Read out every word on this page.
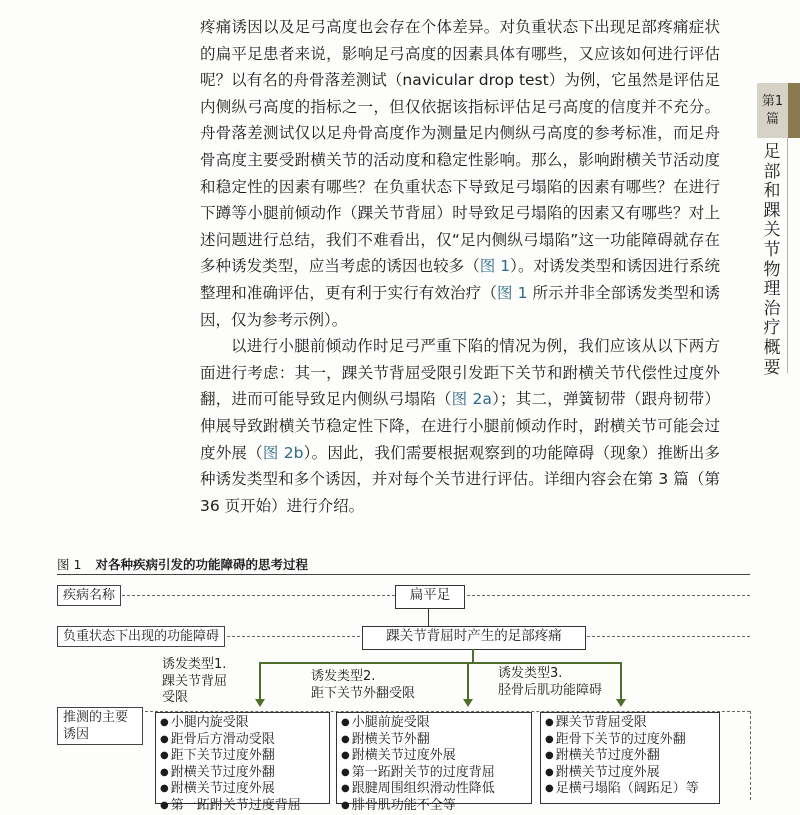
疼痛诱因以及足弓高度也会存在个体差异。对负重状态下出现足部疼痛症状的扁平足患者来说，影响足弓高度的因素具体有哪些，又应该如何进行评估呢？以有名的舟骨落差测试（navicular drop test）为例，它虽然是评估足内侧纵弓高度的指标之一，但仅依据该指标评估足弓高度的信度并不充分。舟骨落差测试仅以足舟骨高度作为测量足内侧纵弓高度的参考标准，而足舟骨高度主要受跗横关节的活动度和稳定性影响。那么，影响跗横关节活动度和稳定性的因素有哪些？在负重状态下导致足弓塌陷的因素有哪些？在进行下蹲等小腿前倾动作（踝关节背屈）时导致足弓塌陷的因素又有哪些？对上述问题进行总结，我们不难看出，仅“足内侧纵弓塌陷”这一功能障碍就存在多种诱发类型，应当考虑的诱因也较多（图 1）。对诱发类型和诱因进行系统整理和准确评估，更有利于实行有效治疗（图 1 所示并非全部诱发类型和诱因，仅为参考示例）。

以进行小腿前倾动作时足弓严重下陷的情况为例，我们应该从以下两方面进行考虑：其一，踝关节背屈受限引发距下关节和跗横关节代偿性过度外翻，进而可能导致足内侧纵弓塌陷（图 2a）；其二，弹簧韧带（跟舟韧带）伸展导致跗横关节稳定性下降，在进行小腿前倾动作时，跗横关节可能会过度外展（图 2b）。因此，我们需要根据观察到的功能障碍（现象）推断出多种诱发类型和多个诱因，并对每个关节进行评估。详细内容会在第 3 篇（第 36 页开始）进行介绍。

第1篇
足部和踝关节物理治疗概要
图 1 对各种疾病引发的功能障碍的思考过程
疾病名称
负重状态下出现的功能障碍
推测的主要诱因
扁平足
踝关节背屈时产生的足部疼痛
诱发类型1.
踝关节背屈
受限
诱发类型2.
距下关节外翻受限
诱发类型3.
胫骨后肌功能障碍
● 小腿内旋受限
● 距骨后方滑动受限
● 距下关节过度外翻
● 跗横关节过度外翻
● 跗横关节过度外展
● 第一跖跗关节过度背屈
● 小腿前旋受限
● 跗横关节外翻
● 跗横关节过度外展
● 第一跖跗关节的过度背屈
● 跟腱周围组织滑动性降低
● 腓骨肌功能不全等
● 踝关节背屈受限
● 距骨下关节的过度外翻
● 跗横关节过度外翻
● 跗横关节过度外展
● 足横弓塌陷（阔跖足）等
